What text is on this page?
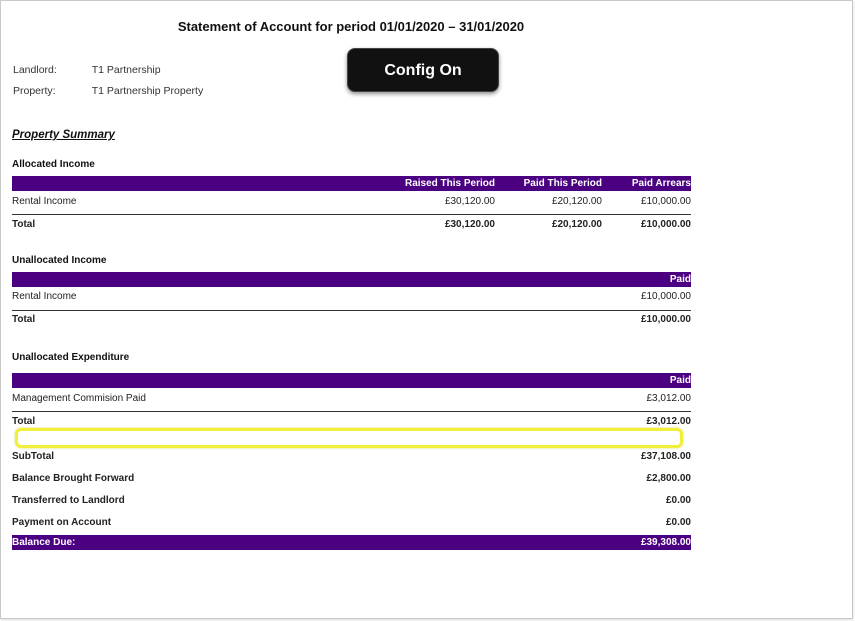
Statement of Account for period 01/01/2020 – 31/01/2020
Landlord:	T1 Partnership
Property:	T1 Partnership Property
Config On
Property Summary
Allocated Income
Raised This Period	Paid This Period	Paid Arrears
Rental Income	£30,120.00	£20,120.00	£10,000.00
Total	£30,120.00	£20,120.00	£10,000.00
Unallocated Income
Paid
Rental Income	£10,000.00
Total	£10,000.00
Unallocated Expenditure
Paid
Management Commision Paid	£3,012.00
Total	£3,012.00
SubTotal	£37,108.00
Balance Brought Forward	£2,800.00
Transferred to Landlord	£0.00
Payment on Account	£0.00
Balance Due:	£39,308.00
